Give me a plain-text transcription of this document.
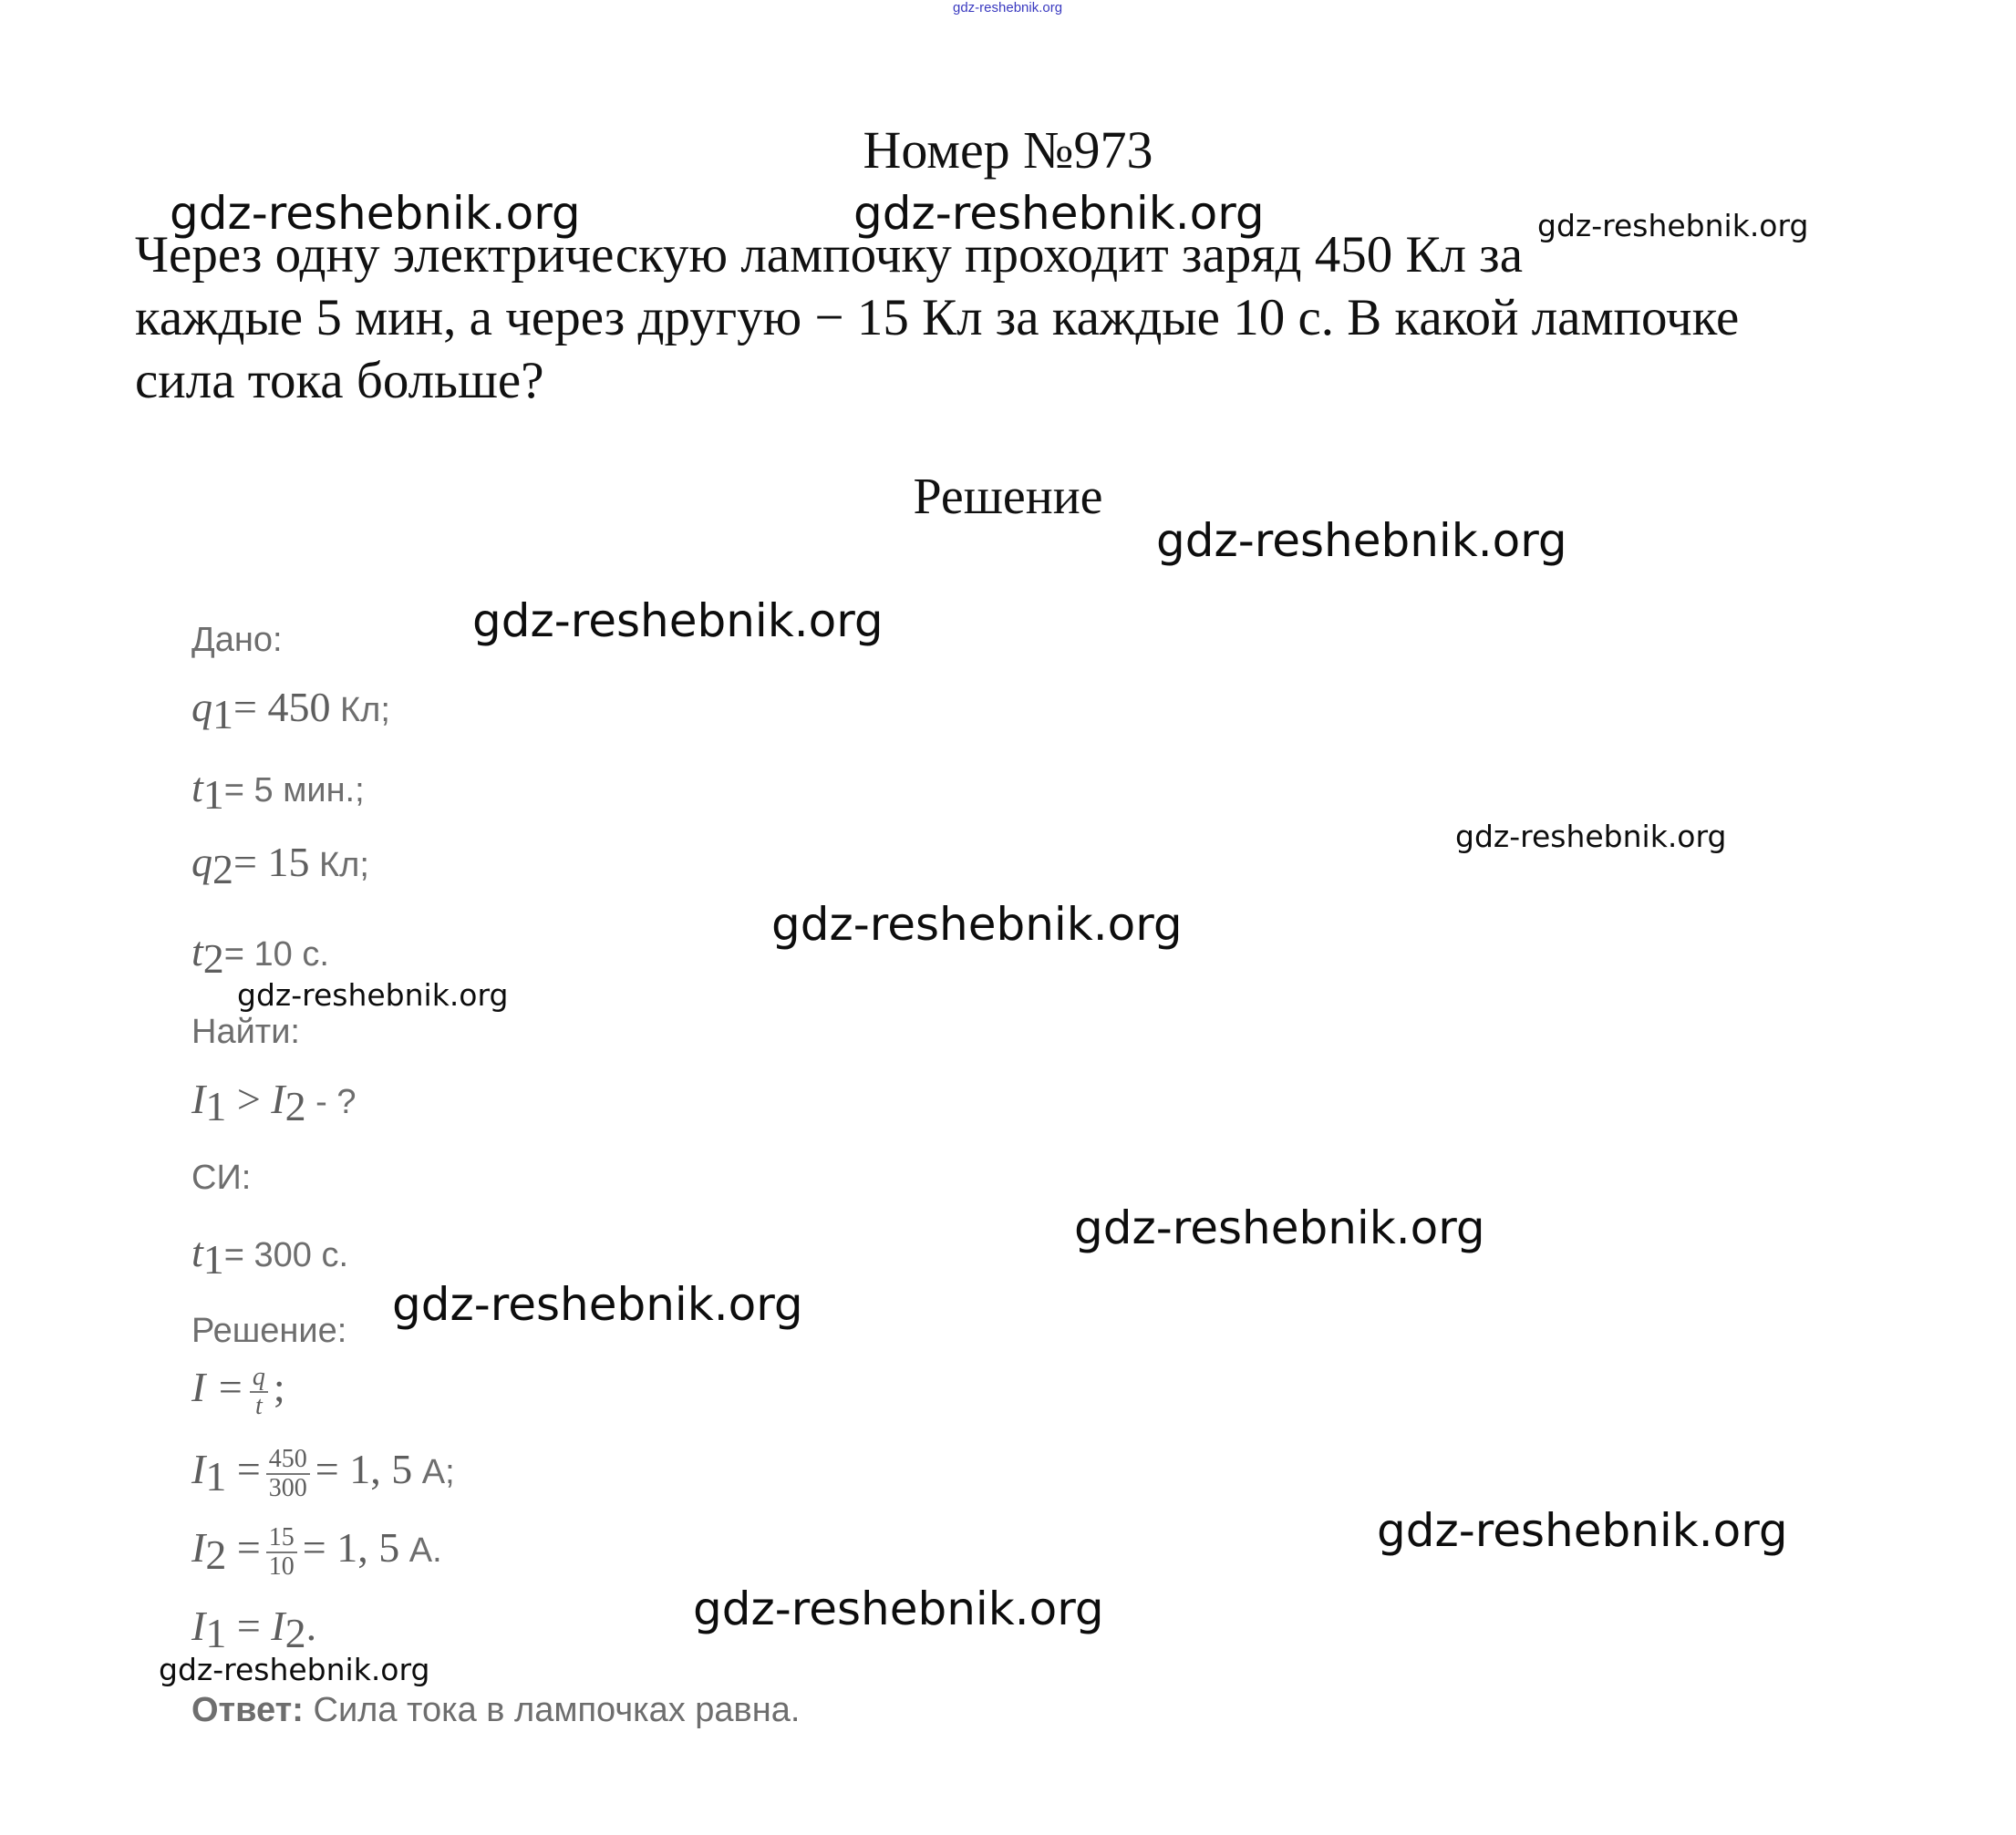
gdz-reshebnik.org
Номер №973

Через одну электрическую лампочку проходит заряд 450 Кл за

каждые 5 мин, а через другую − 15 Кл за каждые 10 с. В какой лампочке

сила тока больше?

Решение
Дано:
$q_1= 450$ Кл;
$t_1= 5$ мин.;
$q_2= 15$ Кл;
$t_2= 10$ с.
Найти:
$I_1 > I_2$ - ?
СИ:
$t_1= 300$ с.
Решение:
$I = \frac{q}{t}$ ;
$I_1 = \frac{450}{300} = 1$, 5 А;
$I_2 = \frac{15}{10} = 1$, 5 А.
$I_1 = I_2$.
Ответ: Сила тока в лампочках равна.
gdz-reshebnik.org	gdz-reshebnik.org	gdz-reshebnik.org
gdz-reshebnik.org
gdz-reshebnik.org
gdz-reshebnik.org
gdz-reshebnik.org
gdz-reshebnik.org
gdz-reshebnik.org
gdz-reshebnik.org
gdz-reshebnik.org
gdz-reshebnik.org
gdz-reshebnik.org
